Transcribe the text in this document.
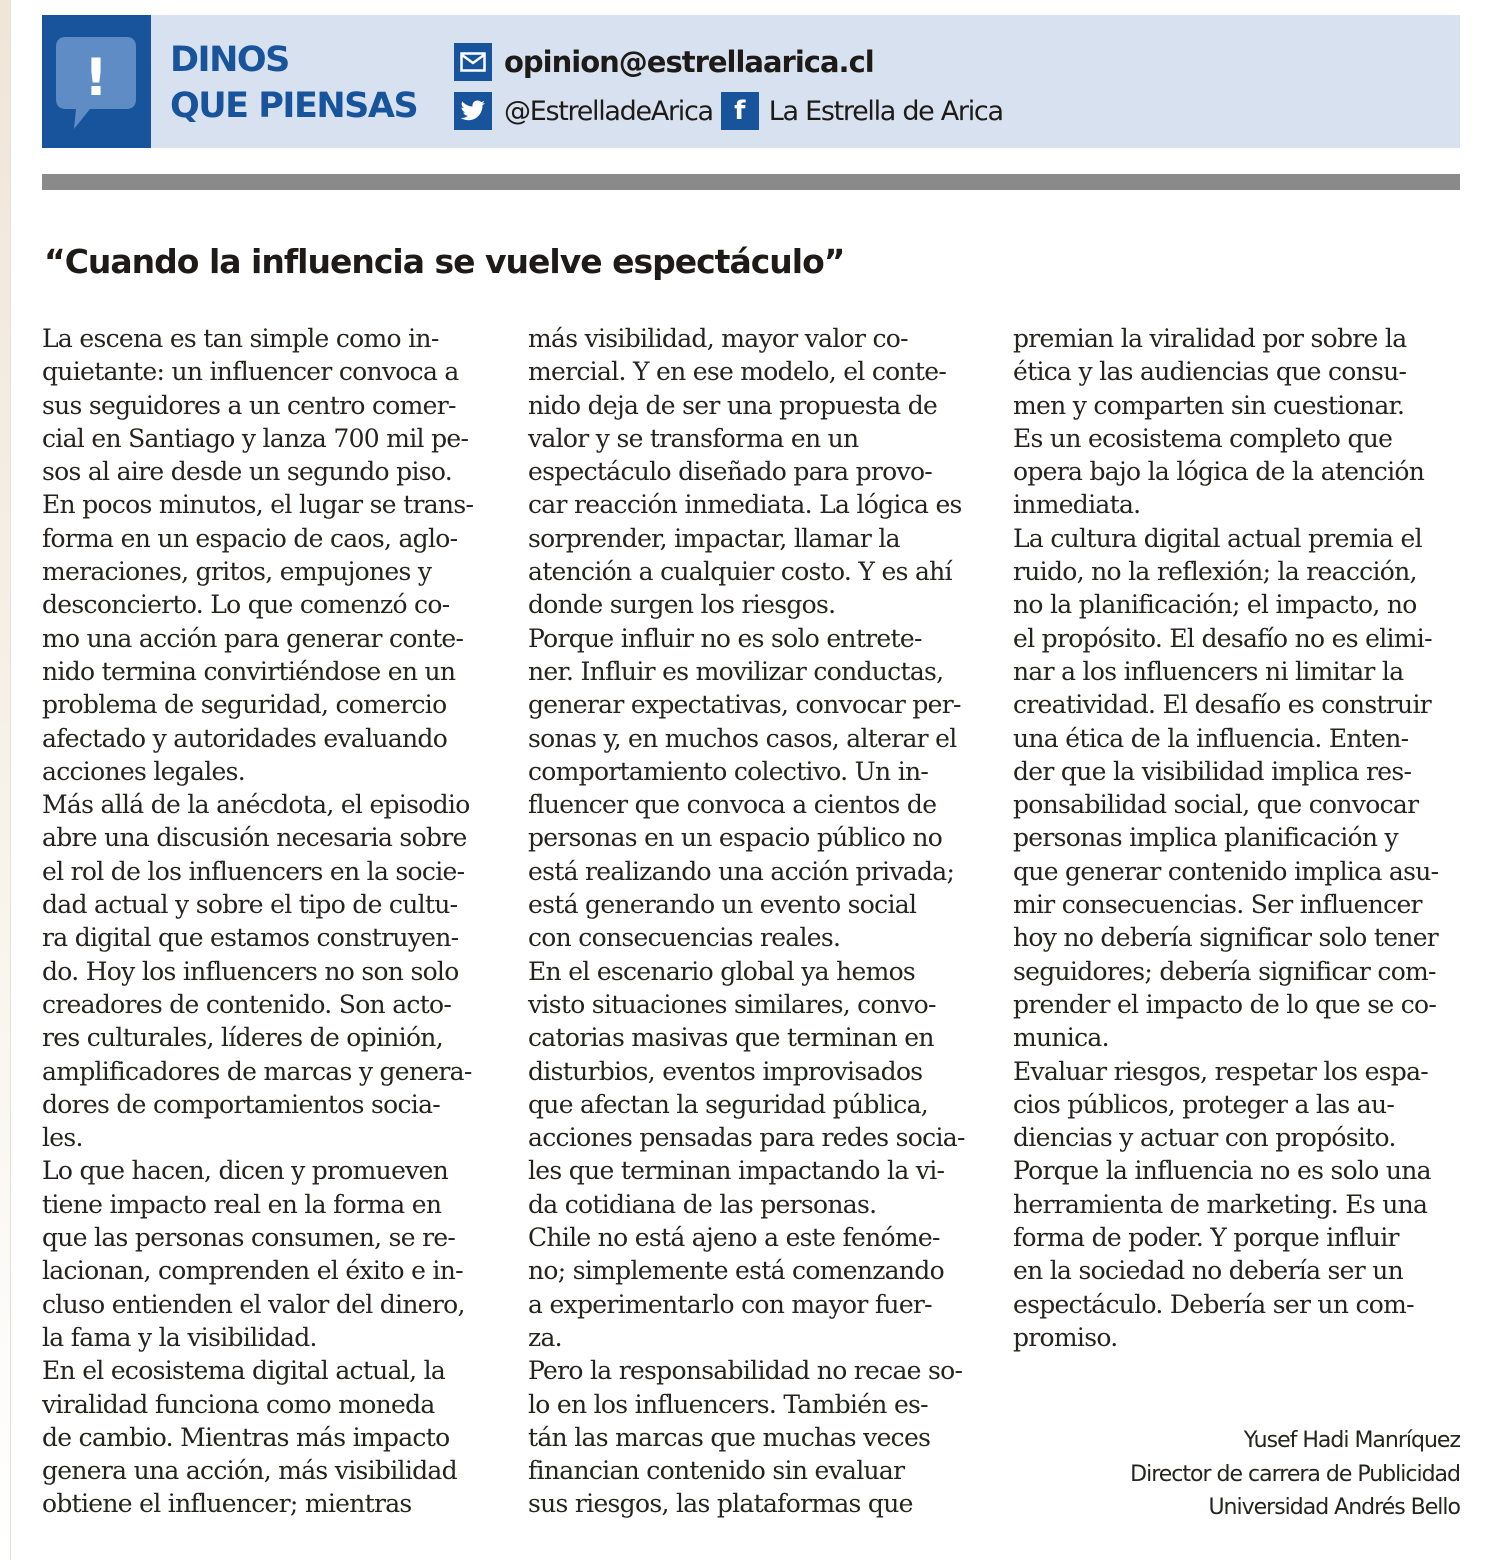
! DINOS
QUE PIENSAS
opinion@estrellaarica.cl
@EstrelladeArica f La Estrella de Arica
“Cuando la influencia se vuelve espectáculo”
La escena es tan simple como in-
quietante: un influencer convoca a
sus seguidores a un centro comer-
cial en Santiago y lanza 700 mil pe-
sos al aire desde un segundo piso.
En pocos minutos, el lugar se trans-
forma en un espacio de caos, aglo-
meraciones, gritos, empujones y
desconcierto. Lo que comenzó co-
mo una acción para generar conte-
nido termina convirtiéndose en un
problema de seguridad, comercio
afectado y autoridades evaluando
acciones legales.
Más allá de la anécdota, el episodio
abre una discusión necesaria sobre
el rol de los influencers en la socie-
dad actual y sobre el tipo de cultu-
ra digital que estamos construyen-
do. Hoy los influencers no son solo
creadores de contenido. Son acto-
res culturales, líderes de opinión,
amplificadores de marcas y genera-
dores de comportamientos socia-
les.
Lo que hacen, dicen y promueven
tiene impacto real en la forma en
que las personas consumen, se re-
lacionan, comprenden el éxito e in-
cluso entienden el valor del dinero,
la fama y la visibilidad.
En el ecosistema digital actual, la
viralidad funciona como moneda
de cambio. Mientras más impacto
genera una acción, más visibilidad
obtiene el influencer; mientras
más visibilidad, mayor valor co-
mercial. Y en ese modelo, el conte-
nido deja de ser una propuesta de
valor y se transforma en un
espectáculo diseñado para provo-
car reacción inmediata. La lógica es
sorprender, impactar, llamar la
atención a cualquier costo. Y es ahí
donde surgen los riesgos.
Porque influir no es solo entrete-
ner. Influir es movilizar conductas,
generar expectativas, convocar per-
sonas y, en muchos casos, alterar el
comportamiento colectivo. Un in-
fluencer que convoca a cientos de
personas en un espacio público no
está realizando una acción privada;
está generando un evento social
con consecuencias reales.
En el escenario global ya hemos
visto situaciones similares, convo-
catorias masivas que terminan en
disturbios, eventos improvisados
que afectan la seguridad pública,
acciones pensadas para redes socia-
les que terminan impactando la vi-
da cotidiana de las personas.
Chile no está ajeno a este fenóme-
no; simplemente está comenzando
a experimentarlo con mayor fuer-
za.
Pero la responsabilidad no recae so-
lo en los influencers. También es-
tán las marcas que muchas veces
financian contenido sin evaluar
sus riesgos, las plataformas que
premian la viralidad por sobre la
ética y las audiencias que consu-
men y comparten sin cuestionar.
Es un ecosistema completo que
opera bajo la lógica de la atención
inmediata.
La cultura digital actual premia el
ruido, no la reflexión; la reacción,
no la planificación; el impacto, no
el propósito. El desafío no es elimi-
nar a los influencers ni limitar la
creatividad. El desafío es construir
una ética de la influencia. Enten-
der que la visibilidad implica res-
ponsabilidad social, que convocar
personas implica planificación y
que generar contenido implica asu-
mir consecuencias. Ser influencer
hoy no debería significar solo tener
seguidores; debería significar com-
prender el impacto de lo que se co-
munica.
Evaluar riesgos, respetar los espa-
cios públicos, proteger a las au-
diencias y actuar con propósito.
Porque la influencia no es solo una
herramienta de marketing. Es una
forma de poder. Y porque influir
en la sociedad no debería ser un
espectáculo. Debería ser un com-
promiso.
Yusef Hadi Manríquez
Director de carrera de Publicidad
Universidad Andrés Bello
